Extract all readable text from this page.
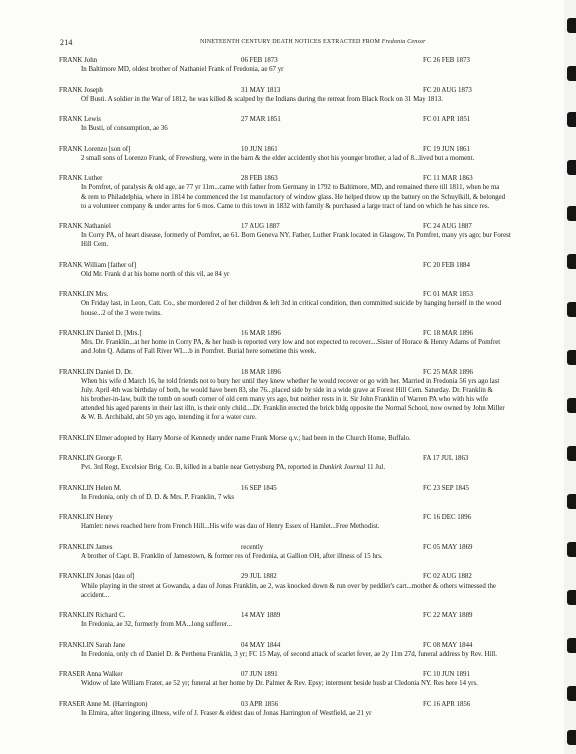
214	NINETEENTH CENTURY DEATH NOTICES EXTRACTED FROM Fredonia Censor
FRANK John	06 FEB 1873	FC 26 FEB 1873
In Baltimore MD, oldest brother of Nathaniel Frank of Fredonia, ae 67 yr
FRANK Joseph	31 MAY 1813	FC 20 AUG 1873
Of Busti. A soldier in the War of 1812, he was killed & scalped by the Indians during the retreat from Black Rock on 31 May 1813.
FRANK Lewis	27 MAR 1851	FC 01 APR 1851
In Busti, of consumption, ae 36
FRANK Lorenzo [son of]	10 JUN 1861	FC 19 JUN 1861
2 small sons of Lorenzo Frank, of Frewsburg, were in the barn & the elder accidently shot his younger brother, a lad of 8...lived but a moment.
FRANK Luther	28 FEB 1863	FC 11 MAR 1863
In Pomfret, of paralysis & old age, ae 77 yr 11m...came with father from Germany in 1792 to Baltimore, MD, and remained there till 1811, when he ma
& rem to Philadelphia, where in 1814 he commenced the 1st manufactory of window glass. He helped throw up the battery on the Schuylkill, & belonged
to a volunteer company & under arms for 6 mos. Came to this town in 1832 with family & purchased a large tract of land on which he has since res.
FRANK Nathaniel	17 AUG 1887	FC 24 AUG 1887
In Corry PA, of heart disease, formerly of Pomfret, ae 61. Born Geneva NY. Father, Luther Frank located in Glasgow, Tn Pomfret, many yrs ago; bur Forest
Hill Cem.
FRANK William [father of]	FC 20 FEB 1884
Old Mr. Frank d at his home north of this vil, ae 84 yr
FRANKLIN Mrs.	FC 01 MAR 1853
On Friday last, in Leon, Catt. Co., she mordered 2 of her children & left 3rd in critical condition, then committed suicide by hanging herself in the wood
house...2 of the 3 were twins.
FRANKLIN Daniel D. [Mrs.]	16 MAR 1896	FC 18 MAR 1896
Mrs. Dr. Franklin...at her home in Corry PA, & her husb is reported very low and not expected to recover....Sister of Horace & Henry Adams of Pomfret
and John Q. Adams of Fall River WI....b in Pomfret. Burial here sometime this week.
FRANKLIN Daniel D. Dr.	18 MAR 1896	FC 25 MAR 1896
When his wife d March 16, he told friends not to bury her until they knew whether he would recover or go with her. Married in Fredonia 56 yrs ago last
July. April 4th was birthday of both, he would have been 83, she 76...placed side by side in a wide grave at Forest Hill Cem. Saturday. Dr. Franklin &
his brother-in-law, built the tomb on south corner of old cem many yrs ago, but neither rests in it. Sir John Franklin of Warren PA who with his wife
attended his aged parents in their last illn, is their only child....Dr. Franklin erected the brick bldg opposite the Normal School, now owned by John Miller
& W. B. Archibald, abt 50 yrs ago, intending it for a water cure.
FRANKLIN Elmer adopted by Harry Morse of Kennedy under name Frank Morse q.v.; had been in the Church Home, Buffalo.
FRANKLIN George F.	FA 17 JUL 1863
Pvt. 3rd Regt, Excelsior Brig. Co. B, killed in a battle near Gettysburg PA, reported in Dunkirk Journal 11 Jul.
FRANKLIN Helen M.	16 SEP 1845	FC 23 SEP 1845
In Fredonia, only ch of D. D. & Mrs. P. Franklin, 7 wks
FRANKLIN Henry	FC 16 DEC 1896
Hamlet: news reached here from French Hill...His wife was dau of Henry Essex of Hamlet...Free Methodist.
FRANKLIN James	recently	FC 05 MAY 1869
A brother of Capt. B. Franklin of Jamestown, & former res of Fredonia, at Gallion OH, after illness of 15 hrs.
FRANKLIN Jonas [dau of]	29 JUL 1882	FC 02 AUG 1882
While playing in the street at Gowanda, a dau of Jonas Franklin, ae 2, was knocked down & run over by peddler's cart...mother & others witnessed the
accident...
FRANKLIN Richard C.	14 MAY 1889	FC 22 MAY 1889
In Fredonia, ae 32, formerly from MA...long sufferer...
FRANKLIN Sarah Jane	04 MAY 1844	FC 08 MAY 1844
In Fredonia, only ch of Daniel D. & Perthena Franklin, 3 yr; FC 15 May, of second attack of scarlet fever, ae 2y 11m 27d, funeral address by Rev. Hill.
FRASER Anna Walker	07 JUN 1891	FC 10 JUN 1891
Widow of late William Frater, ae 52 yr; funeral at her home by Dr. Palmer & Rev. Epsy; interment beside husb at Cledonia NY. Res here 14 yrs.
FRASER Anne M. (Harrington)	03 APR 1856	FC 16 APR 1856
In Elmira, after lingering illness, wife of J. Fraser & eldest dau of Jonas Harrington of Westfield, ae 21 yr
